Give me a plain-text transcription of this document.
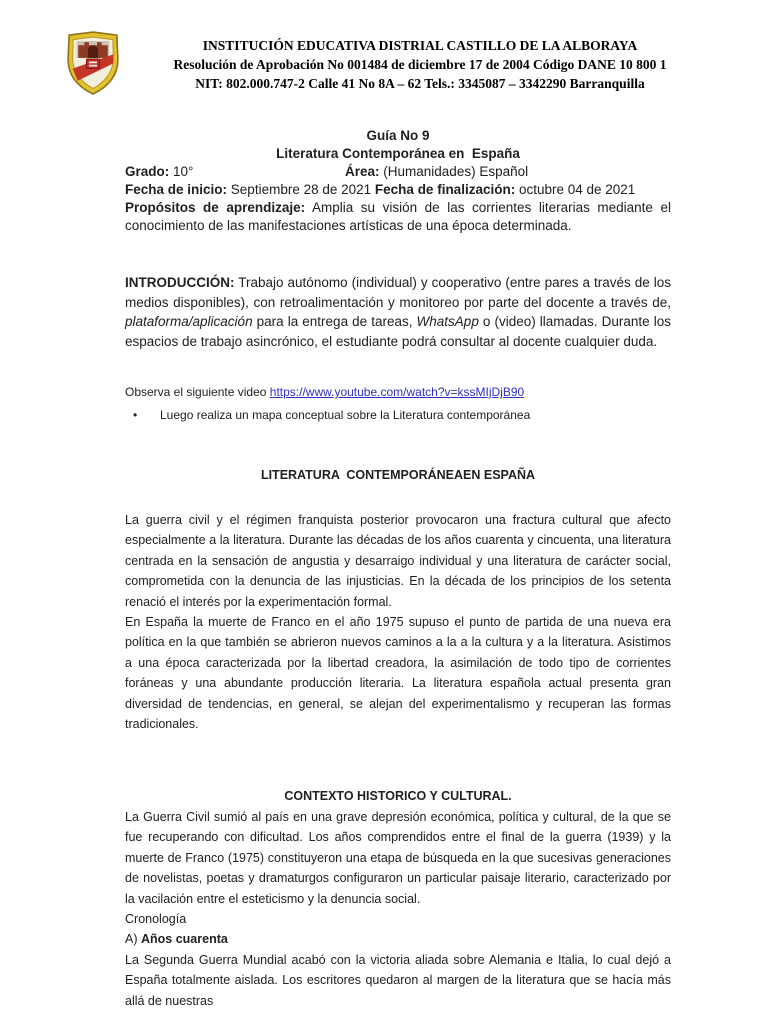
INSTITUCIÓN EDUCATIVA DISTRIAL CASTILLO DE LA ALBORAYA
Resolución de Aprobación No 001484 de diciembre 17 de 2004 Código DANE 10 800 1
NIT: 802.000.747-2 Calle 41 No 8A – 62 Tels.: 3345087 – 3342290 Barranquilla
Guía No 9
Literatura Contemporánea en  España
Grado: 10°	Área: (Humanidades) Español
Fecha de inicio: Septiembre 28 de 2021 Fecha de finalización: octubre 04 de 2021
Propósitos de aprendizaje: Amplia su visión de las corrientes literarias mediante el conocimiento de las manifestaciones artísticas de una época determinada.
INTRODUCCIÓN: Trabajo autónomo (individual) y cooperativo (entre pares a través de los medios disponibles), con retroalimentación y monitoreo por parte del docente a través de, plataforma/aplicación para la entrega de tareas, WhatsApp o (video) llamadas. Durante los espacios de trabajo asincrónico, el estudiante podrá consultar al docente cualquier duda.
Observa el siguiente video https://www.youtube.com/watch?v=kssMIjDjB90
• Luego realiza un mapa conceptual sobre la Literatura contemporánea
LITERATURA  CONTEMPORÁNEAEN ESPAÑA

La guerra civil y el régimen franquista posterior provocaron una fractura cultural que afecto especialmente a la literatura. Durante las décadas de los años cuarenta y cincuenta, una literatura centrada en la sensación de angustia y desarraigo individual y una literatura de carácter social, comprometida con la denuncia de las injusticias. En la década de los principios de los setenta renació el interés por la experimentación formal.

En España la muerte de Franco en el año 1975 supuso el punto de partida de una nueva era política en la que también se abrieron nuevos caminos a la a la cultura y a la literatura. Asistimos a una época caracterizada por la libertad creadora, la asimilación de todo tipo de corrientes foráneas y una abundante producción literaria. La literatura española actual presenta gran diversidad de tendencias, en general, se alejan del experimentalismo y recuperan las formas tradicionales.

CONTEXTO HISTORICO Y CULTURAL.

La Guerra Civil sumió al país en una grave depresión económica, política y cultural, de la que se fue recuperando con dificultad. Los años comprendidos entre el final de la guerra (1939) y la muerte de Franco (1975) constituyeron una etapa de búsqueda en la que sucesivas generaciones de novelistas, poetas y dramaturgos configuraron un particular paisaje literario, caracterizado por la vacilación entre el esteticismo y la denuncia social.

Cronología

A) Años cuarenta

La Segunda Guerra Mundial acabó con la victoria aliada sobre Alemania e Italia, lo cual dejó a España totalmente aislada. Los escritores quedaron al margen de la literatura que se hacía más allá de nuestras
